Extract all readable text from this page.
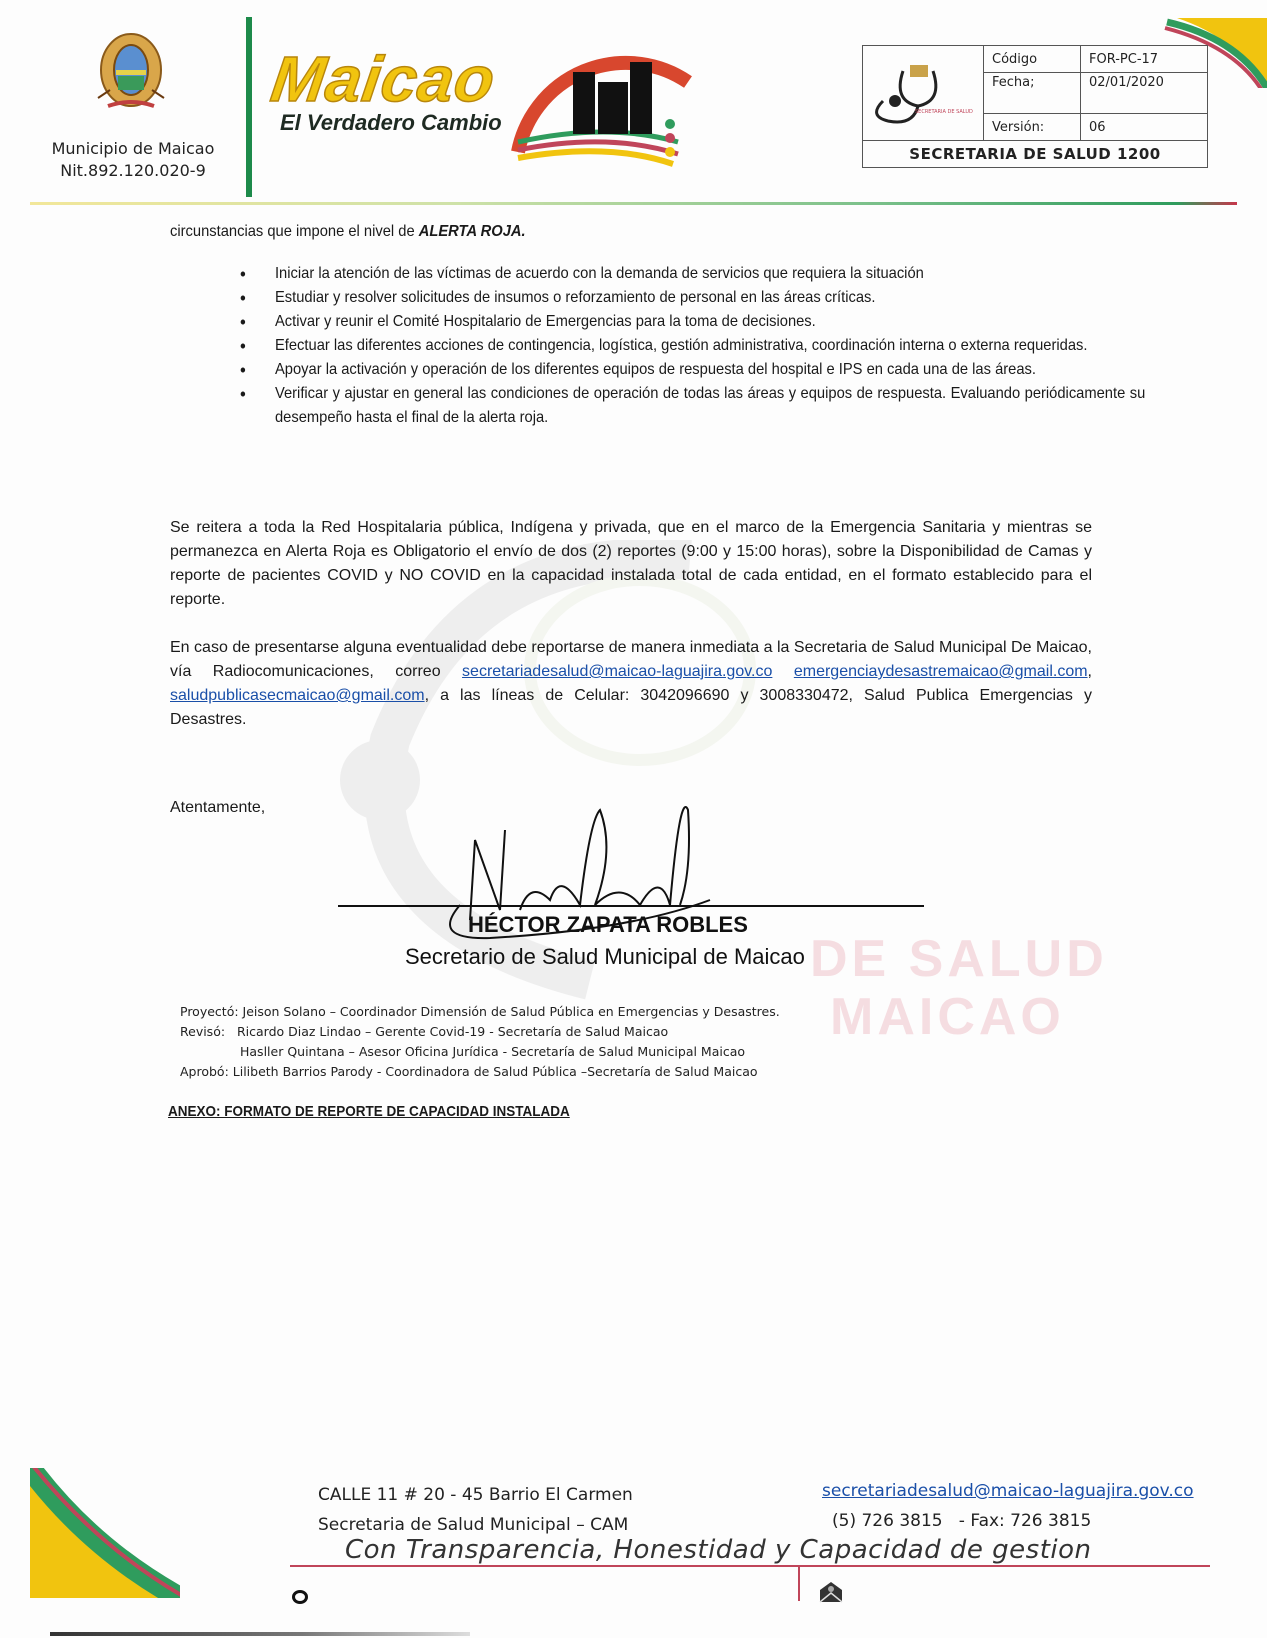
Municipio de Maicao
Nit.892.120.020-9
Maicao
El Verdadero Cambio	SECRETARIA DE SALUD	Código	FOR-PC-17
	Fecha;	02/01/2020
	Versión:	06
SECRETARIA DE SALUD 1200		
DE SALUD
MAICAO
circunstancias que impone el nivel de ALERTA ROJA.
• Iniciar la atención de las víctimas de acuerdo con la demanda de servicios que requiera la situación
• Estudiar y resolver solicitudes de insumos o reforzamiento de personal en las áreas críticas.
• Activar y reunir el Comité Hospitalario de Emergencias para la toma de decisiones.
• Efectuar las diferentes acciones de contingencia, logística, gestión administrativa, coordinación interna o externa requeridas.
• Apoyar la activación y operación de los diferentes equipos de respuesta del hospital e IPS en cada una de las áreas.
• Verificar y ajustar en general las condiciones de operación de todas las áreas y equipos de respuesta. Evaluando periódicamente su desempeño hasta el final de la alerta roja.

Se reitera a toda la Red Hospitalaria pública, Indígena y privada, que en el marco de la Emergencia Sanitaria y mientras se permanezca en Alerta Roja es Obligatorio el envío de dos (2) reportes (9:00 y 15:00 horas), sobre la Disponibilidad de Camas y reporte de pacientes COVID y NO COVID en la capacidad instalada total de cada entidad, en el formato establecido para el reporte.

En caso de presentarse alguna eventualidad debe reportarse de manera inmediata a la Secretaria de Salud Municipal De Maicao, vía Radiocomunicaciones, correo secretariadesalud@maicao-laguajira.gov.co emergenciaydesastremaicao@gmail.com, saludpublicasecmaicao@gmail.com, a las líneas de Celular: 3042096690 y 3008330472, Salud Publica Emergencias y Desastres.

Atentamente,
HÉCTOR ZAPATA ROBLES
Secretario de Salud Municipal de Maicao
Proyectó: Jeison Solano – Coordinador Dimensión de Salud Pública en Emergencias y Desastres.
Revisó:   Ricardo Diaz Lindao – Gerente Covid-19 - Secretaría de Salud Maicao
Hasller Quintana – Asesor Oficina Jurídica - Secretaría de Salud Municipal Maicao
Aprobó: Lilibeth Barrios Parody - Coordinadora de Salud Pública –Secretaría de Salud Maicao
ANEXO: FORMATO DE REPORTE DE CAPACIDAD INSTALADA
CALLE 11 # 20 - 45 Barrio El Carmen
Secretaria de Salud Municipal – CAM
secretariadesalud@maicao-laguajira.gov.co
(5) 726 3815   - Fax: 726 3815
Con Transparencia, Honestidad y Capacidad de gestion
